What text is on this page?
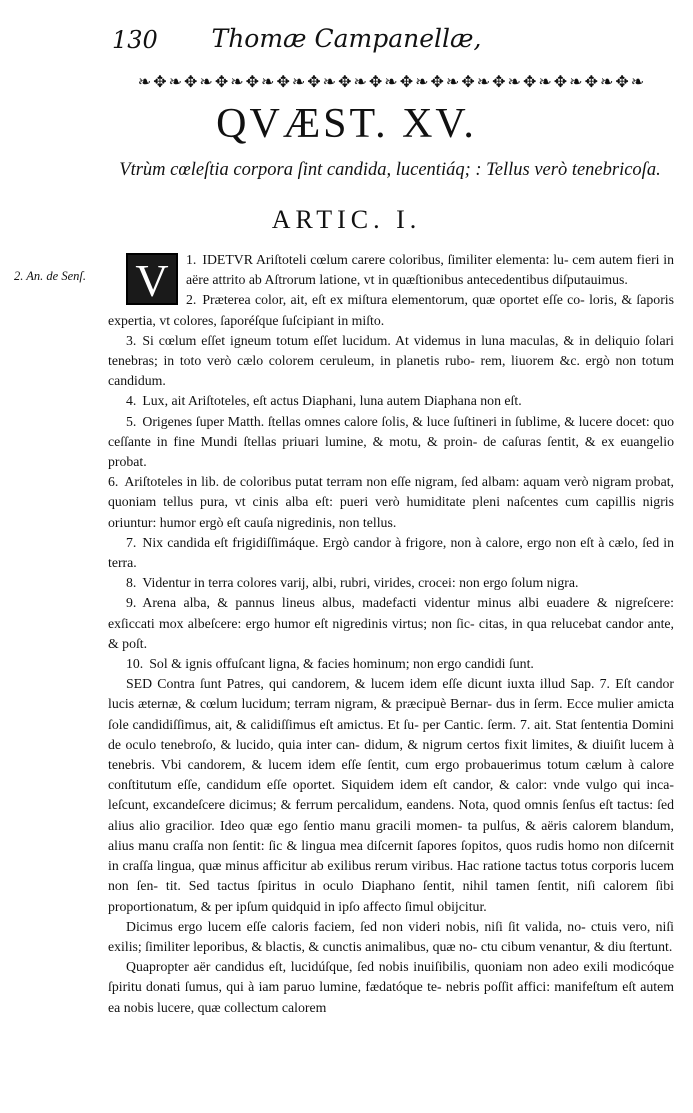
130	Thomæ Campanellæ,
❧✥❧✥❧✥❧✥❧✥❧✥❧✥❧✥❧✥❧✥❧✥❧✥❧✥❧✥❧✥❧✥❧
QVÆST. XV.
Vtrùm cœleſtia corpora ſint candida, lucentiáq; : Tellus verò tenebricoſa.
ARTIC. I.
2. An. de Senſ.

1.
V	IDETVR Ariſtoteli cœlum carere coloribus, ſimiliter elementa: lu- cem autem fieri in aëre attrito ab Aſtrorum latione, vt in quæſtionibus antecedentibus diſputauimus.

2. Præterea color, ait, eſt ex miſtura elementorum, quæ oportet eſſe co- loris, & ſaporis expertia, vt colores, ſaporéſque ſuſcipiant in miſto.

3. Si cœlum eſſet igneum totum eſſet lucidum. At videmus in luna maculas, & in deliquio ſolari tenebras; in toto verò cælo colorem ceruleum, in planetis rubo- rem, liuorem &c. ergò non totum candidum.

4. Lux, ait Ariſtoteles, eſt actus Diaphani, luna autem Diaphana non eſt.

5. Origenes ſuper Matth. ſtellas omnes calore ſolis, & luce ſuſtineri in ſublime, & lucere docet: quo ceſſante in fine Mundi ſtellas priuari lumine, & motu, & proin- de caſuras ſentit, & ex euangelio probat.

6. Ariſtoteles in lib. de coloribus putat terram non eſſe nigram, ſed albam: aquam verò nigram probat, quoniam tellus pura, vt cinis alba eſt: pueri verò humiditate pleni naſcentes cum capillis nigris oriuntur: humor ergò eſt cauſa nigredinis, non tellus.

7. Nix candida eſt frigidiſſimáque. Ergò candor à frigore, non à calore, ergo non eſt à cælo, ſed in terra.

8. Videntur in terra colores varij, albi, rubri, virides, crocei: non ergo ſolum nigra.

9. Arena alba, & pannus lineus albus, madefacti videntur minus albi euadere & nigreſcere: exſiccati mox albeſcere: ergo humor eſt nigredinis virtus; non ſic- citas, in qua relucebat candor ante, & poſt.

10. Sol & ignis offuſcant ligna, & facies hominum; non ergo candidi ſunt.

SED Contra ſunt Patres, qui candorem, & lucem idem eſſe dicunt iuxta illud Sap. 7. Eſt candor lucis æternæ, & cœlum lucidum; terram nigram, & præcipuè Bernar- dus in ſerm. Ecce mulier amicta ſole candidiſſimus, ait, & calidiſſimus eſt amictus. Et ſu- per Cantic. ſerm. 7. ait. Stat ſententia Domini de oculo tenebroſo, & lucido, quia inter can- didum, & nigrum certos fixit limites, & diuiſit lucem à tenebris. Vbi candorem, & lucem idem eſſe ſentit, cum ergo probauerimus totum cælum à calore conſtitutum eſſe, candidum eſſe oportet. Siquidem idem eſt candor, & calor: vnde vulgo qui inca- leſcunt, excandeſcere dicimus; & ferrum percalidum, eandens. Nota, quod omnis ſenſus eſt tactus: ſed alius alio gracilior. Ideo quæ ego ſentio manu gracili momen- ta pulſus, & aëris calorem blandum, alius manu craſſa non ſentit: ſic & lingua mea diſcernit ſapores ſopitos, quos rudis homo non diſcernit in craſſa lingua, quæ minus afficitur ab exilibus rerum viribus. Hac ratione tactus totus corporis lucem non ſen- tit. Sed tactus ſpiritus in oculo Diaphano ſentit, nihil tamen ſentit, niſi calorem ſibi proportionatum, & per ipſum quidquid in ipſo affecto ſimul obijcitur.

Dicimus ergo lucem eſſe caloris faciem, ſed non videri nobis, niſi ſit valida, no- ctuis vero, niſi exilis; ſimiliter leporibus, & blactis, & cunctis animalibus, quæ no- ctu cibum venantur, & diu ſtertunt.

Quapropter aër candidus eſt, lucidúſque, ſed nobis inuiſibilis, quoniam non adeo exili modicóque ſpiritu donati ſumus, qui à iam paruo lumine, fædatóque te- nebris poſſit affici: manifeſtum eſt autem ea nobis lucere, quæ collectum calorem
